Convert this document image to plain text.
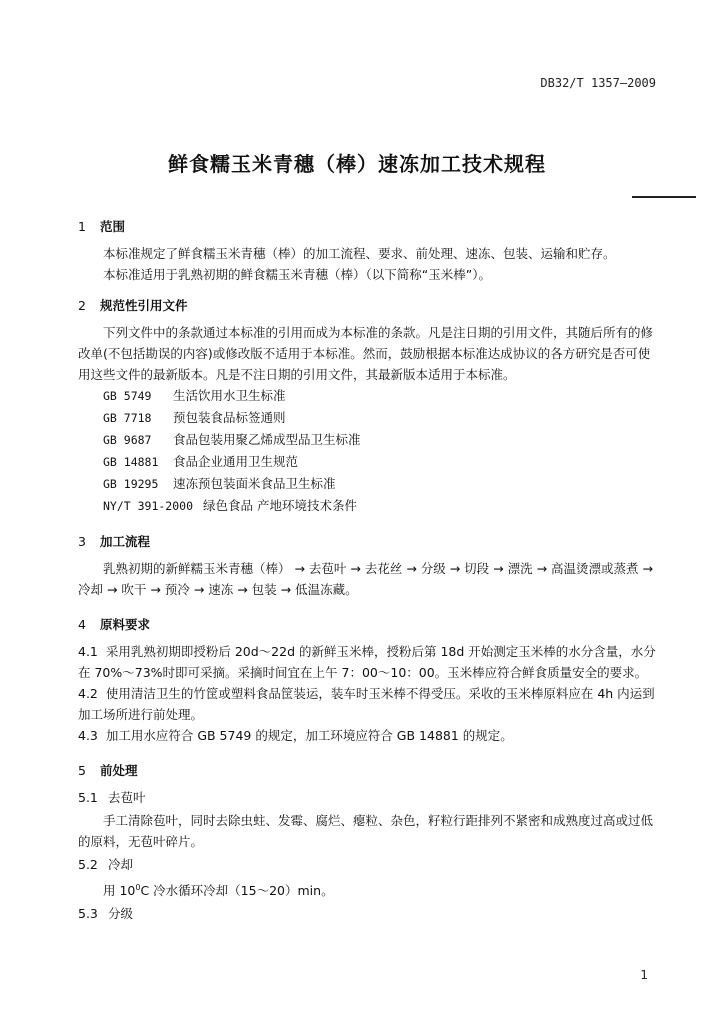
DB32/T 1357—2009
鲜食糯玉米青穗（棒）速冻加工技术规程
1 范围

本标准规定了鲜食糯玉米青穗（棒）的加工流程、要求、前处理、速冻、包装、运输和贮存。

本标准适用于乳熟初期的鲜食糯玉米青穗（棒）（以下简称“玉米棒”）。

2 规范性引用文件

下列文件中的条款通过本标准的引用而成为本标准的条款。凡是注日期的引用文件，其随后所有的修改单(不包括勘误的内容)或修改版不适用于本标准。然而，鼓励根据本标准达成协议的各方研究是否可使用这些文件的最新版本。凡是不注日期的引用文件，其最新版本适用于本标准。

GB 5749 生活饮用水卫生标准
GB 7718 预包装食品标签通则
GB 9687 食品包装用聚乙烯成型品卫生标准
GB 14881 食品企业通用卫生规范
GB 19295 速冻预包装面米食品卫生标准
NY/T 391-2000 绿色食品 产地环境技术条件
3 加工流程

乳熟初期的新鲜糯玉米青穗（棒） → 去苞叶 → 去花丝 → 分级 → 切段 → 漂洗 → 高温烫漂或蒸煮 → 冷却 → 吹干 → 预冷 → 速冻 → 包装 → 低温冻藏。

4 原料要求

4.1 采用乳熟初期即授粉后 20d～22d 的新鲜玉米棒，授粉后第 18d 开始测定玉米棒的水分含量，水分在 70%～73%时即可采摘。采摘时间宜在上午 7：00～10：00。玉米棒应符合鲜食质量安全的要求。

4.2 使用清洁卫生的竹筐或塑料食品筐装运，装车时玉米棒不得受压。采收的玉米棒原料应在 4h 内运到加工场所进行前处理。

4.3 加工用水应符合 GB 5749 的规定，加工环境应符合 GB 14881 的规定。

5 前处理
5.1 去苞叶

手工清除苞叶，同时去除虫蛀、发霉、腐烂、瘪粒、杂色，籽粒行距排列不紧密和成熟度过高或过低的原料，无苞叶碎片。

5.2 冷却

用 $10^0C$ 冷水循环冷却（15～20）min。

5.3 分级
1
